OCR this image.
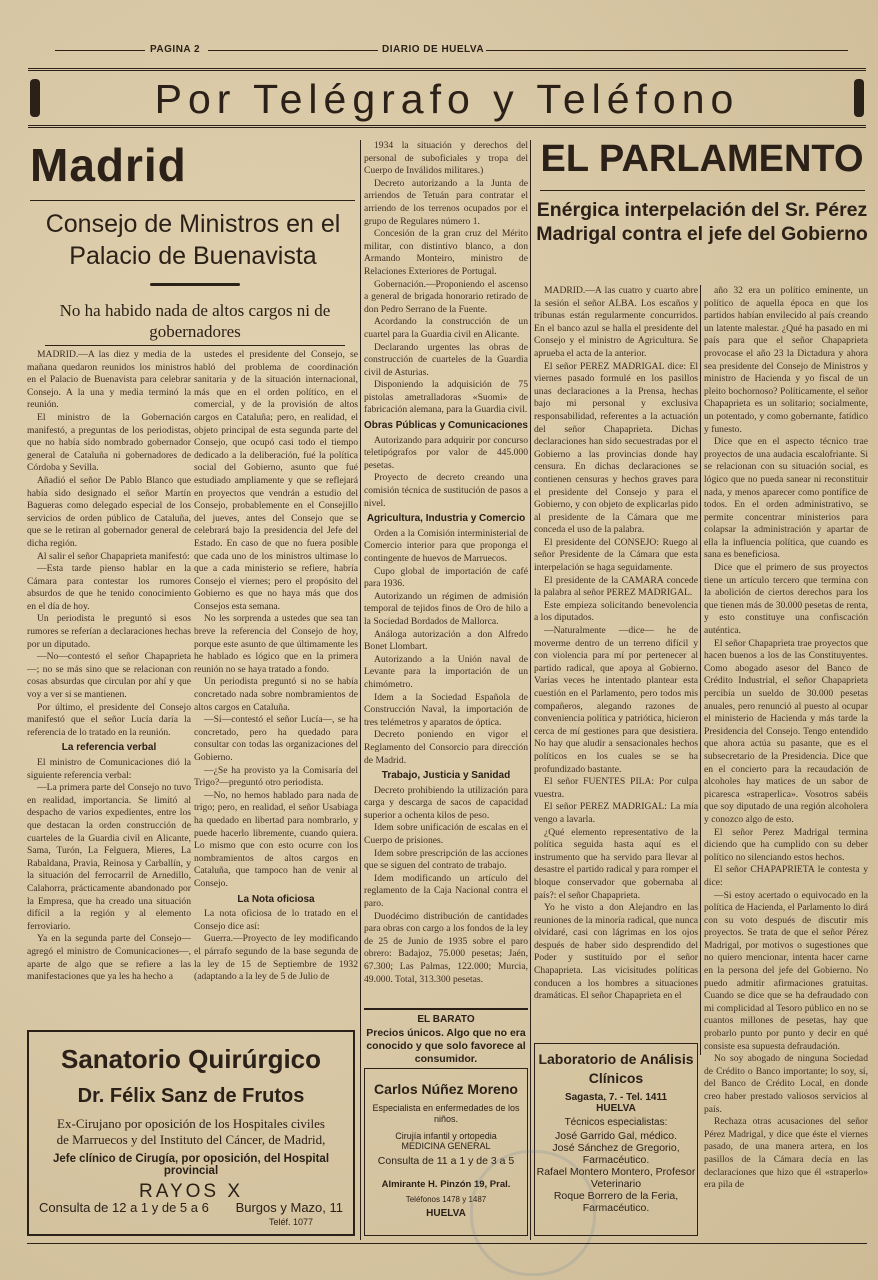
PAGINA 2	DIARIO DE HUELVA
Por Telégrafo y Teléfono
Madrid
Consejo de Ministros en el Palacio de Buenavista
No ha habido nada de altos cargos ni de gobernadores

MADRID.—A las diez y media de la mañana quedaron reunidos los ministros en el Palacio de Buenavista para celebrar Consejo. A la una y media terminó la reunión.

El ministro de la Gobernación manifestó, a preguntas de los periodistas, que no había sido nombrado gobernador general de Cataluña ni gobernadores de Córdoba y Sevilla.

Añadió el señor De Pablo Blanco que había sido designado el señor Martín Bagueras como delegado especial de los servicios de orden público de Cataluña, que se le retiran al gobernador general de dicha región.

Al salir el señor Chapaprieta manifestó:

—Esta tarde pienso hablar en la Cámara para contestar los rumores absurdos de que he tenido conocimiento en el día de hoy.

Un periodista le preguntó si esos rumores se referían a declaraciones hechas por un diputado.

—No—contestó el señor Chapaprieta—; no se más sino que se relacionan con cosas absurdas que circulan por ahí y que voy a ver si se mantienen.

Por último, el presidente del Consejo manifestó que el señor Lucía daría la referencia de lo tratado en la reunión.

La referencia verbal

El ministro de Comunicaciones dió la siguiente referencia verbal:

—La primera parte del Consejo no tuvo en realidad, importancia. Se limitó al despacho de varios expedientes, entre los que destacan la orden construcción de cuarteles de la Guardia civil en Alicante, Sama, Turón, La Felguera, Mieres, La Rabaldana, Pravia, Reinosa y Carballín, y la situación del ferrocarril de Arnedillo, Calahorra, prácticamente abandonado por la Empresa, que ha creado una situación difícil a la región y al elemento ferroviario.

Ya en la segunda parte del Consejo—agregó el ministro de Comunicaciones—, aparte de algo que se refiere a las manifestaciones que ya les ha hecho a

ustedes el presidente del Consejo, se habló del problema de coordinación sanitaria y de la situación internacional, más que en el orden político, en el comercial, y de la provisión de altos cargos en Cataluña; pero, en realidad, el objeto principal de esta segunda parte del Consejo, que ocupó casi todo el tiempo dedicado a la deliberación, fué la política social del Gobierno, asunto que fué estudiado ampliamente y que se reflejará en proyectos que vendrán a estudio del Consejo, probablemente en el Consejillo del jueves, antes del Consejo que se celebrará bajo la presidencia del Jefe del Estado. En caso de que no fuera posible que cada uno de los ministros ultimase lo que a cada ministerio se refiere, habría Consejo el viernes; pero el propósito del Gobierno es que no haya más que dos Consejos esta semana.

No les sorprenda a ustedes que sea tan breve la referencia del Consejo de hoy, porque este asunto de que últimamente les he hablado es lógico que en la primera reunión no se haya tratado a fondo.

Un periodista preguntó si no se había concretado nada sobre nombramientos de altos cargos en Cataluña.

—Sí—contestó el señor Lucía—, se ha concretado, pero ha quedado para consultar con todas las organizaciones del Gobierno.

—¿Se ha provisto ya la Comisaría del Trigo?—preguntó otro periodista.

—No, no hemos hablado para nada de trigo; pero, en realidad, el señor Usabiaga ha quedado en libertad para nombrarlo, y puede hacerlo libremente, cuando quiera. Lo mismo que con esto ocurre con los nombramientos de altos cargos en Cataluña, que tampoco han de venir al Consejo.

La Nota oficiosa

La nota oficiosa de lo tratado en el Consejo dice así:

Guerra.—Proyecto de ley modificando el párrafo segundo de la base segunda de la ley de 15 de Septiembre de 1932 (adaptando a la ley de 5 de Julio de

1934 la situación y derechos del personal de suboficiales y tropa del Cuerpo de Inválidos militares.)

Decreto autorizando a la Junta de arriendos de Tetuán para contratar el arriendo de los terrenos ocupados por el grupo de Regulares número 1.

Concesión de la gran cruz del Mérito militar, con distintivo blanco, a don Armando Monteiro, ministro de Relaciones Exteriores de Portugal.

Gobernación.—Proponiendo el ascenso a general de brigada honorario retirado de don Pedro Serrano de la Fuente.

Acordando la construcción de un cuartel para la Guardia civil en Alicante.

Declarando urgentes las obras de construcción de cuarteles de la Guardia civil de Asturias.

Disponiendo la adquisición de 75 pistolas ametralladoras «Suomi» de fabricación alemana, para la Guardia civil.

Obras Públicas y Comunicaciones

Autorizando para adquirir por concurso teletipógrafos por valor de 445.000 pesetas.

Proyecto de decreto creando una comisión técnica de sustitución de pasos a nivel.

Agricultura, Industria y Comercio

Orden a la Comisión interministerial de Comercio interior para que proponga el contingente de huevos de Marruecos.

Cupo global de importación de café para 1936.

Autorizando un régimen de admisión temporal de tejidos finos de Oro de hilo a la Sociedad Bordados de Mallorca.

Análoga autorización a don Alfredo Bonet Llombart.

Autorizando a la Unión naval de Levante para la importación de un chimómetro.

Idem a la Sociedad Española de Construcción Naval, la importación de tres telémetros y aparatos de óptica.

Decreto poniendo en vigor el Reglamento del Consorcio para dirección de Madrid.

Trabajo, Justicia y Sanidad

Decreto prohibiendo la utilización para carga y descarga de sacos de capacidad superior a ochenta kilos de peso.

Idem sobre unificación de escalas en el Cuerpo de prisiones.

Idem sobre prescripción de las acciones que se siguen del contrato de trabajo.

Idem modificando un artículo del reglamento de la Caja Nacional contra el paro.

Duodécimo distribución de cantidades para obras con cargo a los fondos de la ley de 25 de Junio de 1935 sobre el paro obrero: Badajoz, 75.000 pesetas; Jaén, 67.300; Las Palmas, 122.000; Murcia, 49.000. Total, 313.300 pesetas.

EL BARATO
Precios únicos. Algo que no era conocido y que solo favorece al consumidor.
EL PARLAMENTO
Enérgica interpelación del Sr. Pérez Madrigal contra el jefe del Gobierno

MADRID.—A las cuatro y cuarto abre la sesión el señor ALBA. Los escaños y tribunas están regularmente concurridos. En el banco azul se halla el presidente del Consejo y el ministro de Agricultura. Se aprueba el acta de la anterior.

El señor PEREZ MADRIGAL dice: El viernes pasado formulé en los pasillos unas declaraciones a la Prensa, hechas bajo mi personal y exclusiva responsabilidad, referentes a la actuación del señor Chapaprieta. Dichas declaraciones han sido secuestradas por el Gobierno a las provincias donde hay censura. En dichas declaraciones se contienen censuras y hechos graves para el presidente del Consejo y para el Gobierno, y con objeto de explicarlas pido al presidente de la Cámara que me conceda el uso de la palabra.

El presidente del CONSEJO: Ruego al señor Presidente de la Cámara que esta interpelación se haga seguidamente.

El presidente de la CAMARA concede la palabra al señor PEREZ MADRIGAL.

Este empieza solicitando benevolencia a los diputados.

—Naturalmente —dice— he de moverme dentro de un terreno difícil y con violencia para mí por pertenecer al partido radical, que apoya al Gobierno. Varias veces he intentado plantear esta cuestión en el Parlamento, pero todos mis compañeros, alegando razones de conveniencia política y patriótica, hicieron cerca de mí gestiones para que desistiera. No hay que aludir a sensacionales hechos políticos en los cuales se se ha profundizado bastante.

El señor FUENTES PILA: Por culpa vuestra.

El señor PEREZ MADRIGAL: La mía vengo a lavarla.

¿Qué elemento representativo de la política seguida hasta aquí es el instrumento que ha servido para llevar al desastre el partido radical y para romper el bloque conservador que gobernaba al país?: el señor Chapaprieta.

Yo he visto a don Alejandro en las reuniones de la minoría radical, que nunca olvidaré, casi con lágrimas en los ojos después de haber sido desprendido del Poder y sustituído por el señor Chapaprieta. Las vicisitudes políticas conducen a los hombres a situaciones dramáticas. El señor Chapaprieta en el

año 32 era un político eminente, un político de aquella época en que los partidos habían envilecido al país creando un latente malestar. ¿Qué ha pasado en mi país para que el señor Chapaprieta provocase el año 23 la Dictadura y ahora sea presidente del Consejo de Ministros y ministro de Hacienda y yo fiscal de un pleito bochornoso? Políticamente, el señor Chapaprieta es un solitario; socialmente, un potentado, y como gobernante, fatídico y funesto.

Dice que en el aspecto técnico trae proyectos de una audacia escalofriante. Si se relacionan con su situación social, es lógico que no pueda sanear ni reconstituir nada, y menos aparecer como pontífice de todos. En el orden administrativo, se permite concentrar ministerios para colapsar la administración y apartar de ella la influencia política, que cuando es sana es beneficiosa.

Dice que el primero de sus proyectos tiene un artículo tercero que termina con la abolición de ciertos derechos para los que tienen más de 30.000 pesetas de renta, y esto constituye una confiscación auténtica.

El señor Chapaprieta trae proyectos que hacen buenos a los de las Constituyentes. Como abogado asesor del Banco de Crédito Industrial, el señor Chapaprieta percibía un sueldo de 30.000 pesetas anuales, pero renunció al puesto al ocupar el ministerio de Hacienda y más tarde la Presidencia del Consejo. Tengo entendido que ahora actúa su pasante, que es el subsecretario de la Presidencia. Dice que en el concierto para la recaudación de alcoholes hay matices de un sabor de picaresca «straperlica». Vosotros sabéis que soy diputado de una región alcoholera y conozco algo de esto.

El señor Perez Madrigal termina diciendo que ha cumplido con su deber político no silenciando estos hechos.

El señor CHAPAPRIETA le contesta y dice:

—Si estoy acertado o equivocado en la política de Hacienda, el Parlamento lo dirá con su voto después de discutir mis proyectos. Se trata de que el señor Pérez Madrigal, por motivos o sugestiones que no quiero mencionar, intenta hacer carne en la persona del jefe del Gobierno. No puedo admitir afirmaciones gratuitas. Cuando se dice que se ha defraudado con mi complicidad al Tesoro público en no se cuantos millones de pesetas, hay que probarlo punto por punto y decir en qué consiste esa supuesta defraudación.

No soy abogado de ninguna Sociedad de Crédito o Banco importante; lo soy, sí, del Banco de Crédito Local, en donde creo haber prestado valiosos servicios al país.

Rechaza otras acusaciones del señor Pérez Madrigal, y dice que éste el viernes pasado, de una manera artera, en los pasillos de la Cámara decía en las declaraciones que hizo que él «straperlo» era pila de

Sanatorio Quirúrgico
Dr. Félix Sanz de Frutos
Ex-Cirujano por oposición de los Hospitales civiles
de Marruecos y del Instituto del Cáncer, de Madrid,
Jefe clínico de Cirugía, por oposición, del Hospital provincial
RAYOS X
Consulta de 12 a 1 y de 5 a 6 Burgos y Mazo, 11
Teléf. 1077
Carlos Núñez Moreno
Especialista en enfermedades de los niños.
Cirujía infantil y ortopedia
MEDICINA GENERAL
Consulta de 11 a 1 y de 3 a 5
Almirante H. Pinzón 19, Pral.
Teléfonos 1478 y 1487
HUELVA
Laboratorio de Análisis Clínicos
Sagasta, 7. - Tel. 1411
HUELVA
Técnicos especialistas:
José Garrido Gal, médico.
José Sánchez de Gregorio, Farmacéutico.
Rafael Montero Montero, Profesor Veterinario
Roque Borrero de la Feria, Farmacéutico.
